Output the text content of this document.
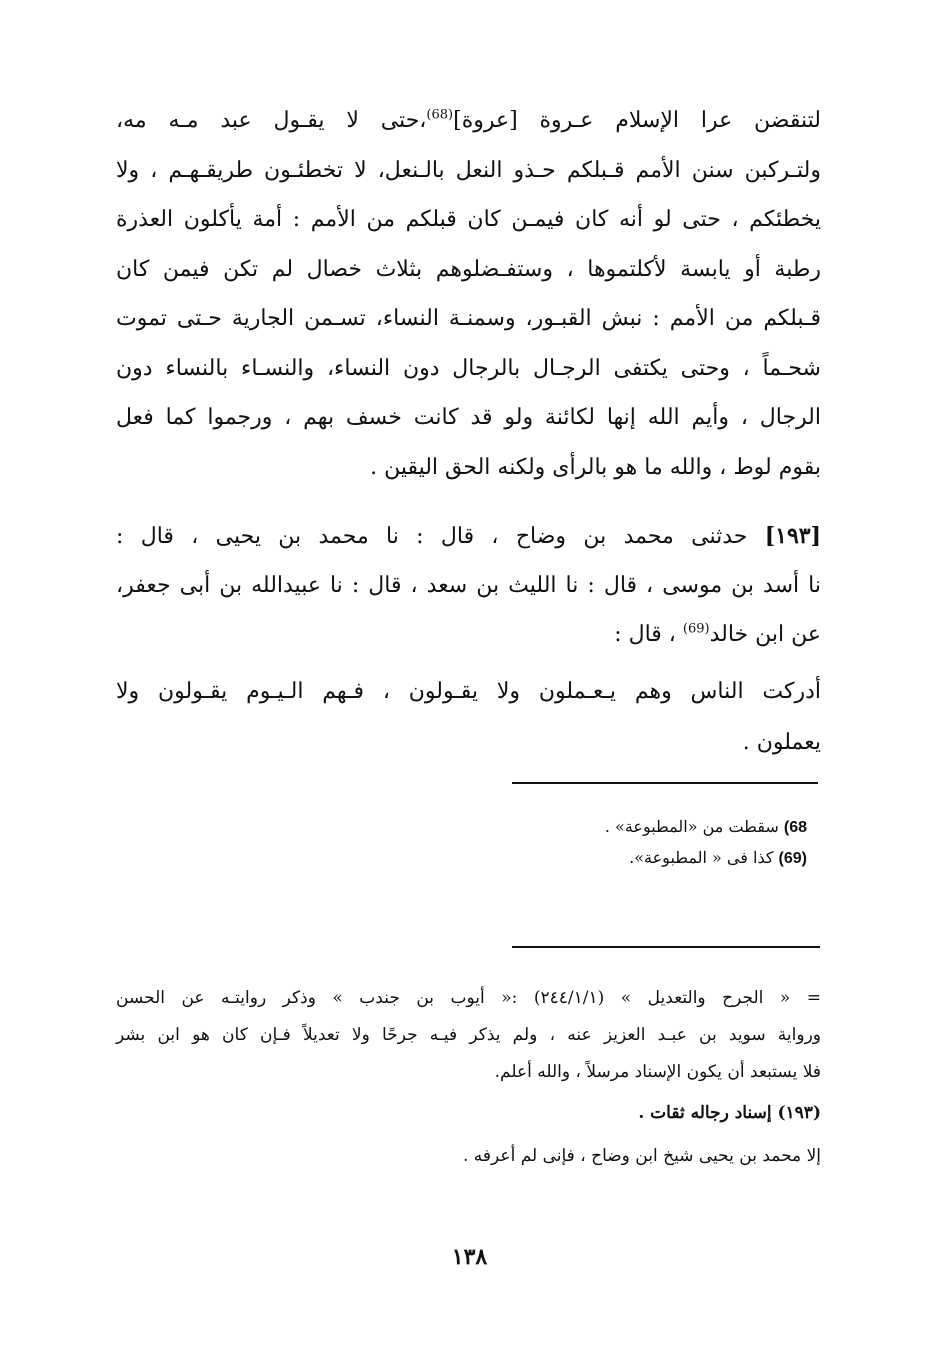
لتنقضن عرا الإسلام عـروة [عروة]$^{(68)}$،حتى لا يقـول عبد مـه مه،
ولتـركبن سنن الأمم قـبلكم حـذو النعل بالـنعل، لا تخطئـون طريقـهـم ، ولا
يخطئكم ، حتى لو أنه كان فيمـن كان قبلكم من الأمم : أمة يأكلون العذرة
رطبة أو يابسة لأكلتموها ، وستفـضلوهم بثلاث خصال لم تكن فيمن كان
قـبلكم من الأمم : نبش القبـور، وسمنـة النساء، تسـمن الجارية حـتى تموت
شحـماً ، وحتى يكتفى الرجـال بالرجال دون النساء، والنسـاء بالنساء دون
الرجال ، وأيم الله إنها لكائنة ولو قد كانت خسف بهم ، ورجموا كما فعل
بقوم لوط ، والله ما هو بالرأى ولكنه الحق اليقين .
[١٩٣] حدثنى محمد بن وضاح ، قال : نا محمد بن يحيى ، قال :
نا أسد بن موسى ، قال : نا الليث بن سعد ، قال : نا عبيدالله بن أبى جعفر،
عن ابن خالد$^{(69)}$ ، قال :
أدركت الناس وهم يـعـملون ولا يقـولون ، فـهم الـيـوم يقـولون ولا
يعملون .
68) سقطت من «المطبوعة» .
(69) كذا فى « المطبوعة».
= « الجرح والتعديل » (٢٤٤/١/١) :« أيوب بن جندب » وذكر روايتـه عن الحسن
ورواية سويد بن عبـد العزيز عنه ، ولم يذكر فيـه جرحًا ولا تعديلاً فـإن كان هو ابن بشر
فلا يستبعد أن يكون الإسناد مرسلاً ، والله أعلم.
(١٩٣) إسناد رجاله ثقات .
إلا محمد بن يحيى شيخ ابن وضاح ، فإنى لم أعرفه .
١٣٨
